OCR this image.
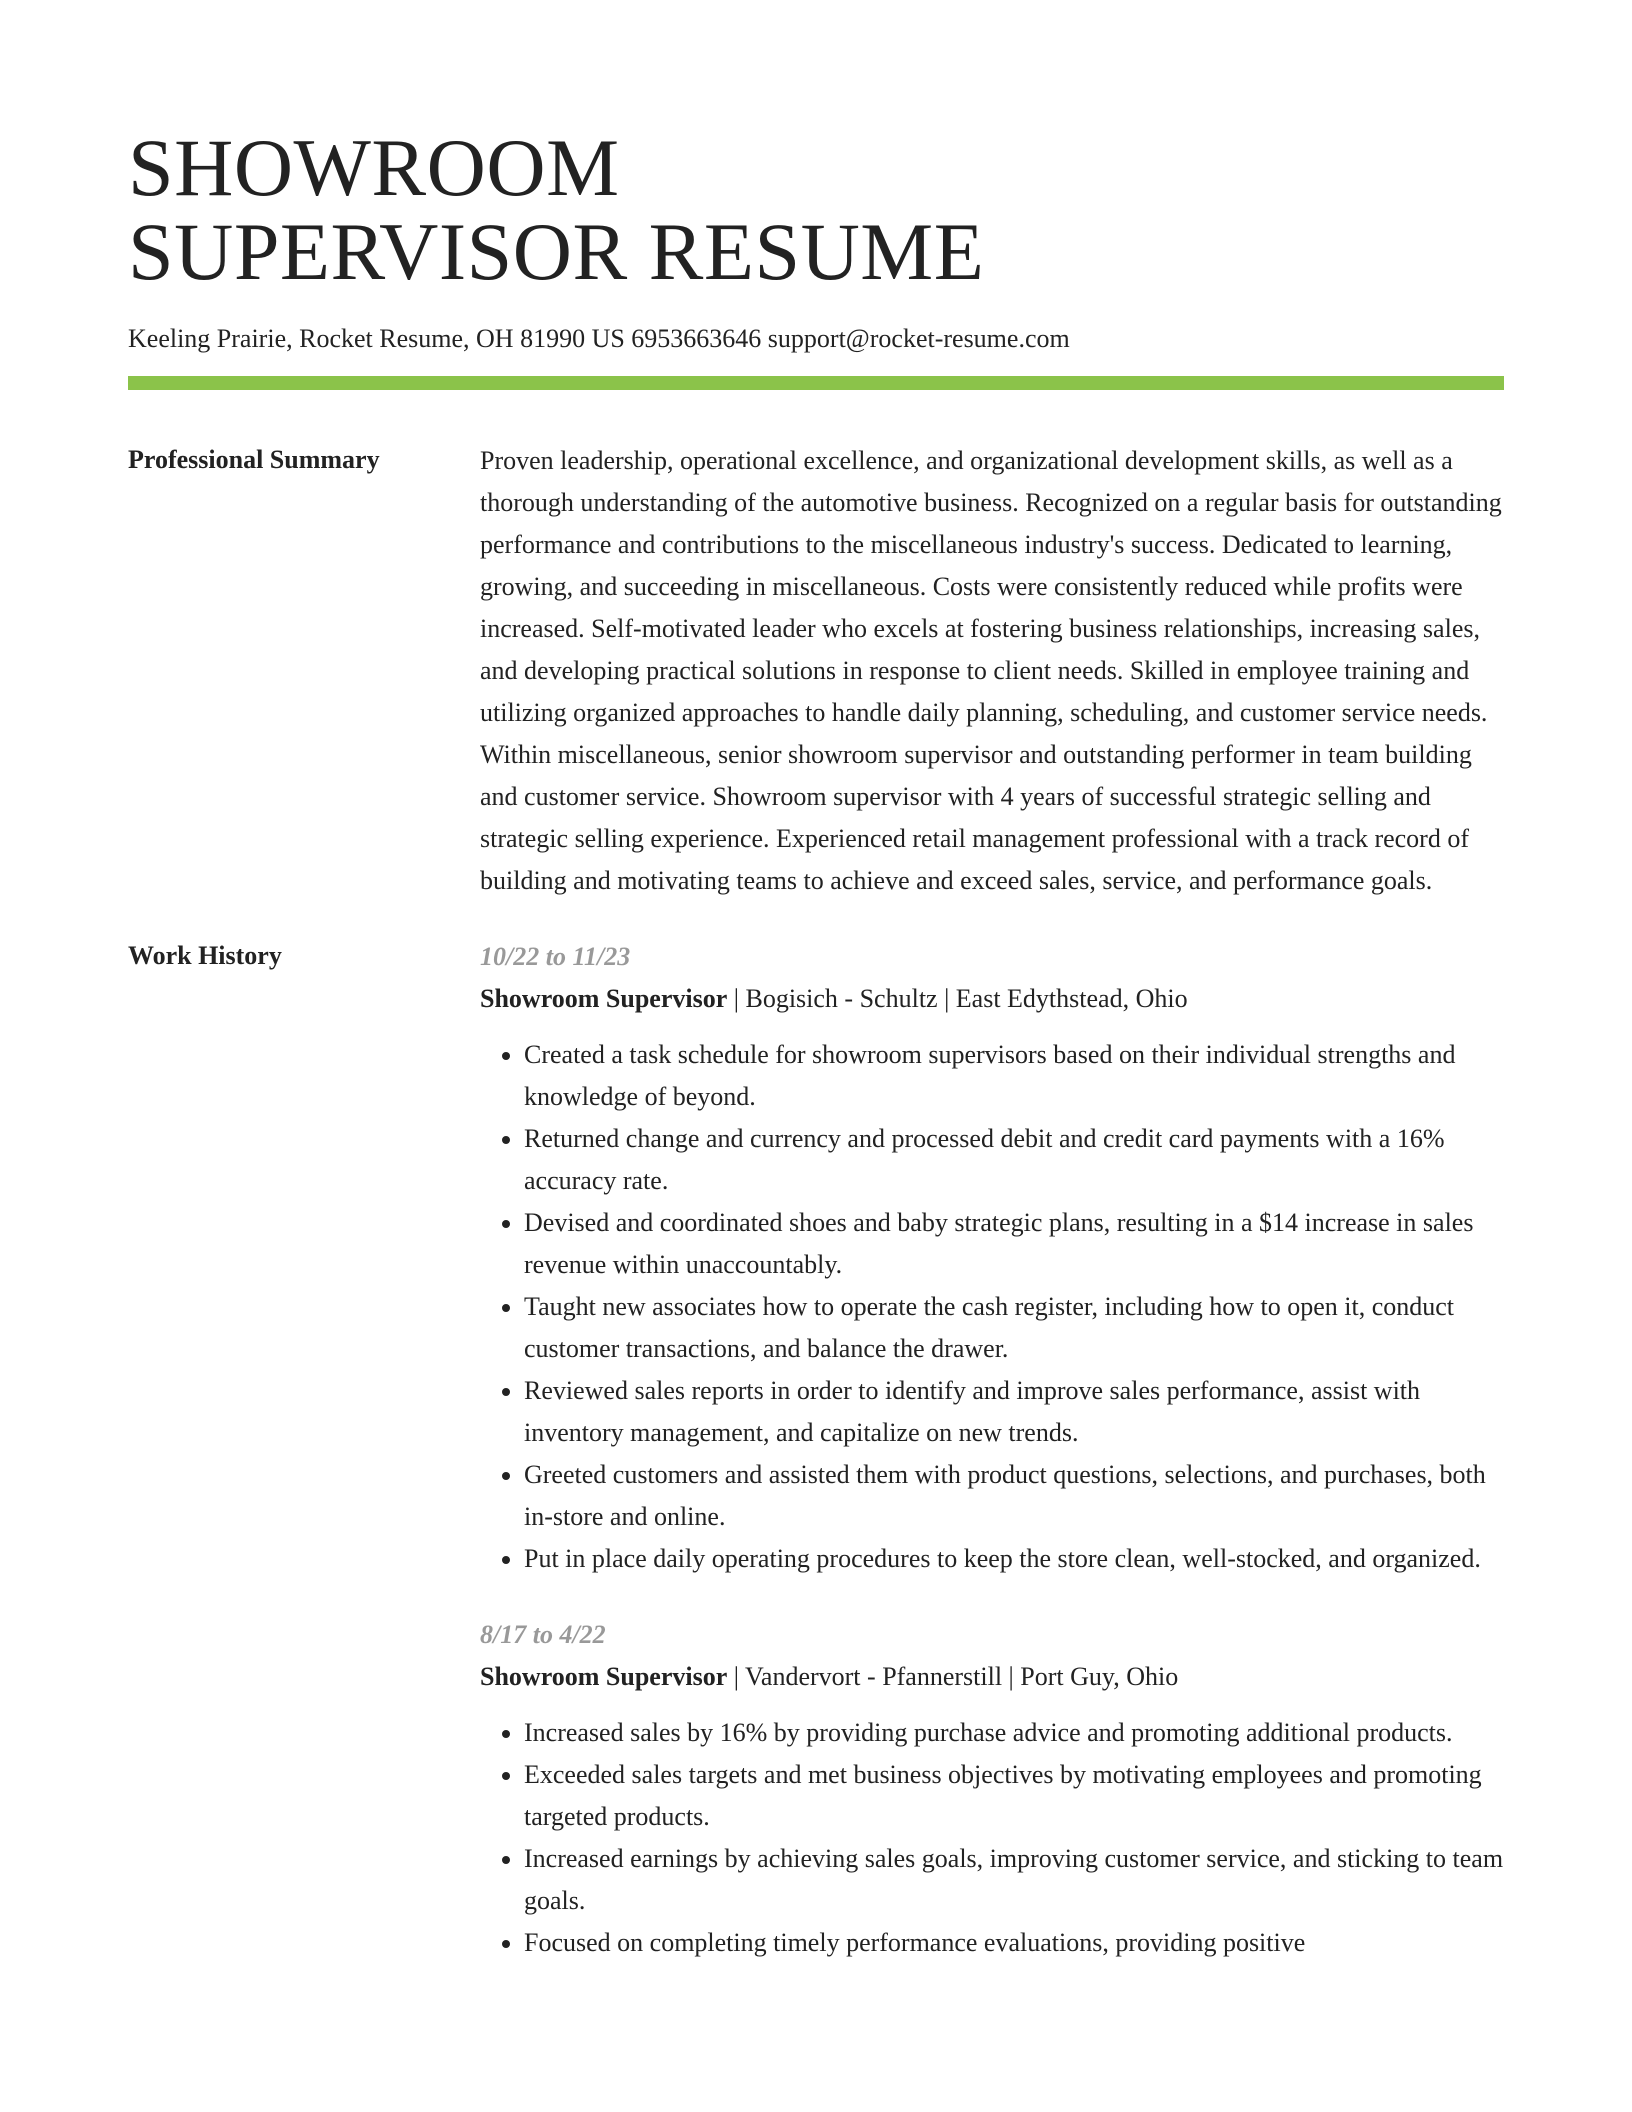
SHOWROOM
SUPERVISOR RESUME
Keeling Prairie, Rocket Resume, OH 81990 US 6953663646 support@rocket-resume.com
Professional Summary	Proven leadership, operational excellence, and organizational development skills, as well as a thorough understanding of the automotive business. Recognized on a regular basis for outstanding performance and contributions to the miscellaneous industry's success. Dedicated to learning, growing, and succeeding in miscellaneous. Costs were consistently reduced while profits were increased. Self-motivated leader who excels at fostering business relationships, increasing sales, and developing practical solutions in response to client needs. Skilled in employee training and utilizing organized approaches to handle daily planning, scheduling, and customer service needs. Within miscellaneous, senior showroom supervisor and outstanding performer in team building and customer service. Showroom supervisor with 4 years of successful strategic selling and strategic selling experience. Experienced retail management professional with a track record of building and motivating teams to achieve and exceed sales, service, and performance goals.

Work History	10/22 to 11/23
Showroom Supervisor | Bogisich - Schultz | East Edythstead, Ohio
• Created a task schedule for showroom supervisors based on their individual strengths and knowledge of beyond.
• Returned change and currency and processed debit and credit card payments with a 16% accuracy rate.
• Devised and coordinated shoes and baby strategic plans, resulting in a $14 increase in sales revenue within unaccountably.
• Taught new associates how to operate the cash register, including how to open it, conduct customer transactions, and balance the drawer.
• Reviewed sales reports in order to identify and improve sales performance, assist with inventory management, and capitalize on new trends.
• Greeted customers and assisted them with product questions, selections, and purchases, both in-store and online.
• Put in place daily operating procedures to keep the store clean, well-stocked, and organized.
8/17 to 4/22
Showroom Supervisor | Vandervort - Pfannerstill | Port Guy, Ohio
• Increased sales by 16% by providing purchase advice and promoting additional products.
• Exceeded sales targets and met business objectives by motivating employees and promoting targeted products.
• Increased earnings by achieving sales goals, improving customer service, and sticking to team goals.
• Focused on completing timely performance evaluations, providing positive
